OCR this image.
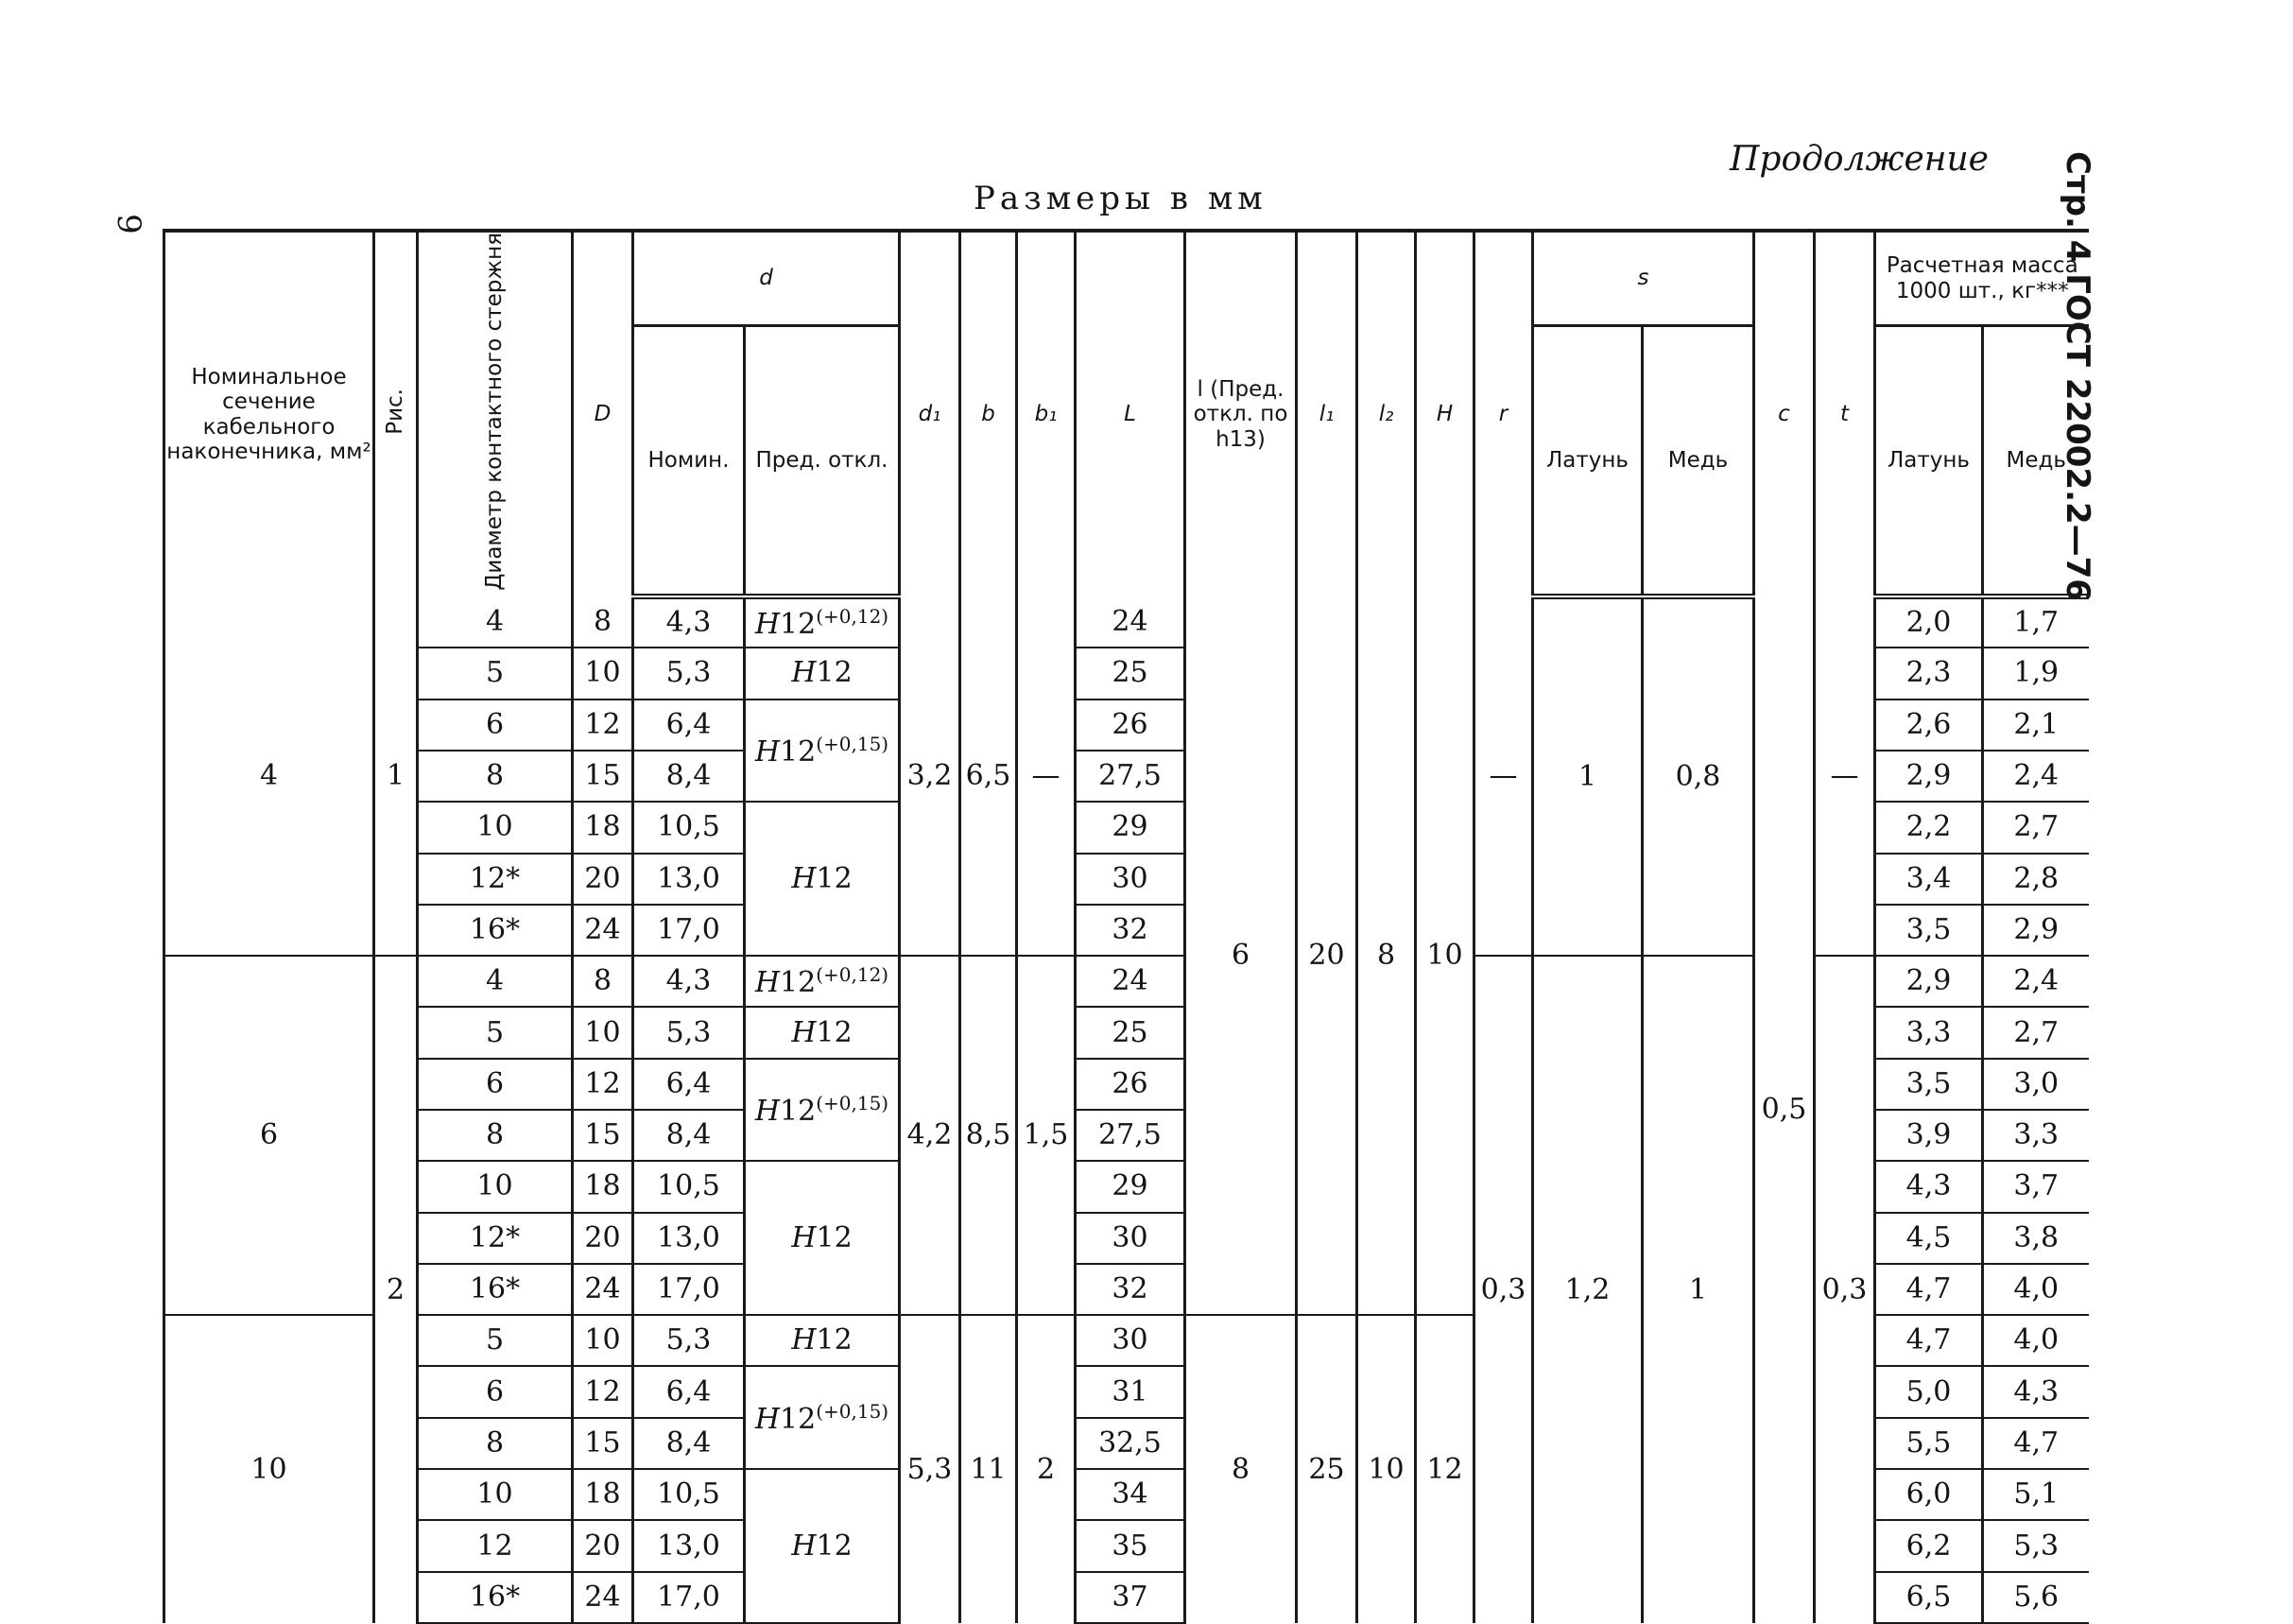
Продолжение	Стр. 4 ГОСТ 22002.2—76
9
Размеры в мм
Номинальное сечение кабельного наконечника, мм²	Рис.	Диаметр контактного стержня	D	d		d₁	b	b₁	L	l (Пред. откл. по h13)	l₁	l₂	H	r	s		c	t	Расчетная масса 1000 шт., кг***	
				Номин.	Пред. откл.										Латунь	Медь			Латунь	Медь
4	1	4	8	4,3	$H12^{(+0,12)}$	3,2	6,5	—	24	6	20	8	10	—	1	0,8	0,5	—	2,0	1,7
		5	10	5,3	H12				25										2,3	1,9
		6	12	6,4	$H12^{(+0,15)}$				26										2,6	2,1
		8	15	8,4					27,5										2,9	2,4
		10	18	10,5	H12				29										2,2	2,7
		12*	20	13,0					30										3,4	2,8
		16*	24	17,0					32										3,5	2,9
6	2	4	8	4,3	$H12^{(+0,12)}$	4,2	8,5	1,5	24					0,3	1,2	1		0,3	2,9	2,4
		5	10	5,3	H12				25										3,3	2,7
		6	12	6,4	$H12^{(+0,15)}$				26										3,5	3,0
		8	15	8,4					27,5										3,9	3,3
		10	18	10,5	H12				29										4,3	3,7
		12*	20	13,0					30										4,5	3,8
		16*	24	17,0					32										4,7	4,0
10		5	10	5,3	H12	5,3	11	2	30	8	25	10	12						4,7	4,0
		6	12	6,4	$H12^{(+0,15)}$				31										5,0	4,3
		8	15	8,4					32,5										5,5	4,7
		10	18	10,5	H12				34										6,0	5,1
		12	20	13,0					35										6,2	5,3
		16*	24	17,0					37										6,5	5,6
